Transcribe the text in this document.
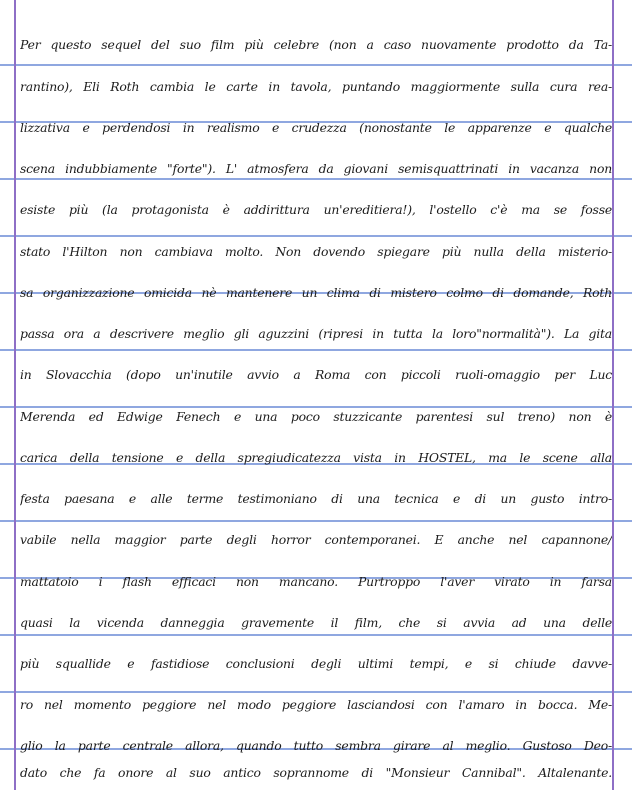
Per questo sequel del suo film più celebre (non a caso nuovamente prodotto da Ta-
rantino), Eli Roth cambia le carte in tavola, puntando maggiormente sulla cura rea-
lizzativa e perdendosi in realismo e crudezza (nonostante le apparenze e qualche
scena indubbiamente "forte"). L' atmosfera da giovani semisquattrinati in vacanza non
esiste più (la protagonista è addirittura un'ereditiera!), l'ostello c'è ma se fosse
stato l'Hilton non cambiava molto. Non dovendo spiegare più nulla della misterio-
sa organizzazione omicida nè mantenere un clima di mistero colmo di domande, Roth
passa ora a descrivere meglio gli aguzzini (ripresi in tutta la loro"normalità"). La gita
in Slovacchia (dopo un'inutile avvio a Roma con piccoli ruoli-omaggio per Luc
Merenda ed Edwige Fenech e una poco stuzzicante parentesi sul treno) non è
carica della tensione e della spregiudicatezza vista in HOSTEL, ma le scene alla
festa paesana e alle terme testimoniano di una tecnica e di un gusto intro-
vabile nella maggior parte degli horror contemporanei. E anche nel capannone/
mattatoio i flash efficaci non mancano. Purtroppo l'aver virato in farsa
quasi la vicenda danneggia gravemente il film, che si avvia ad una delle
più squallide e fastidiose conclusioni degli ultimi tempi, e si chiude davve-
ro nel momento peggiore nel modo peggiore lasciandosi con l'amaro in bocca. Me-
glio la parte centrale allora, quando tutto sembra girare al meglio. Gustoso Deo-
dato che fa onore al suo antico soprannome di "Monsieur Cannibal". Altalenante.
